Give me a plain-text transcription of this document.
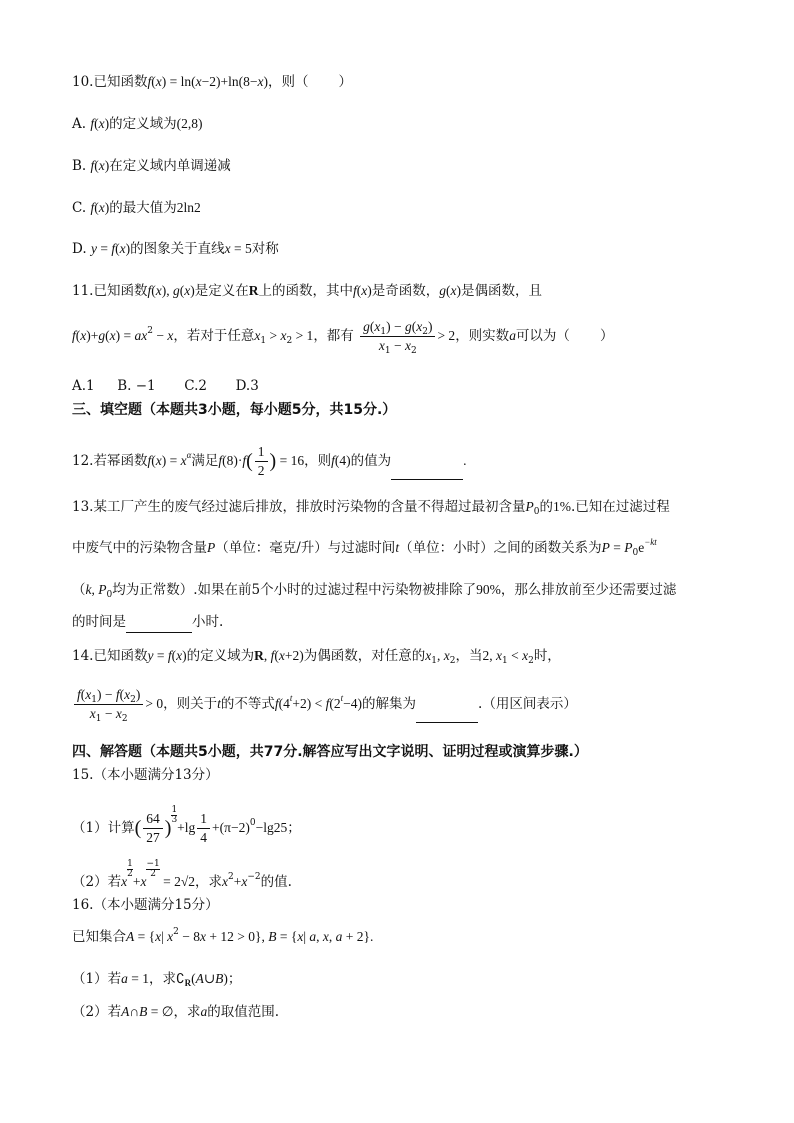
10.已知函数f(x) = ln(x−2)+ln(8−x)，则（       ）
A. f(x)的定义域为(2,8)
B. f(x)在定义域内单调递减
C. f(x)的最大值为2ln2
D. y = f(x)的图象关于直线x = 5对称
11.已知函数f(x), g(x)是定义在R上的函数，其中f(x)是奇函数，g(x)是偶函数，且
$f(x)+g(x) = ax^2 - x$，若对于任意$x_1 > x_2 > 1$，都有 $\frac{g(x_1) - g(x_2)}{x_1 - x_2} > 2$，则实数a可以为（       ）
A.1 B. −1 C.2 D.3
三、填空题（本题共3小题，每小题5分，共15分.）
12.若幂函数$f(x) = x^\alpha$满足$f(8)\cdot f( \frac{1}{2}$ ) = 16，则f(4)的值为	.
13.某工厂产生的废气经过滤后排放，排放时污染物的含量不得超过最初含量$P_0$的1%.已知在过滤过程
中废气中的污染物含量P（单位：毫克/升）与过滤时间t（单位：小时）之间的函数关系为$P = P_0e^{-kt}$
（k, $P_0$均为正常数）.如果在前5个小时的过滤过程中污染物被排除了90%，那么排放前至少还需要过滤
的时间是	小时.
14.已知函数y = f(x)的定义域为R, f(x+2)为偶函数，对任意的$x_1$, $x_2$，当2, $x_1 < x_2$时，
$\frac{f(x_1) - f(x_2)}{x_1 - x_2} > 0$，则关于t的不等式$f(4^t+2) < f(2^t-4)$的解集为	.（用区间表示）
四、解答题（本题共5小题，共77分.解答应写出文字说明、证明过程或演算步骤.）
15.（本小题满分13分）
（1）计算( $\frac{64}{27}$ )
$\frac{1}{3}$
$+\lg \frac{1}{4} +(\pi-2)^0-\lg 25$；
（2）若x
$\frac{1}{2}$
+x
$\frac{-1}{2}$
= 2√2，求$x^2+x^{-2}$的值.
16.（本小题满分15分）
已知集合A = {x| $x^2 - 8x + 12 > 0$}, B = {x| a, x, a + 2}.
（1）若a = 1，求$∁_R(A\cup B)$；
（2）若A∩B = ∅，求a的取值范围.
